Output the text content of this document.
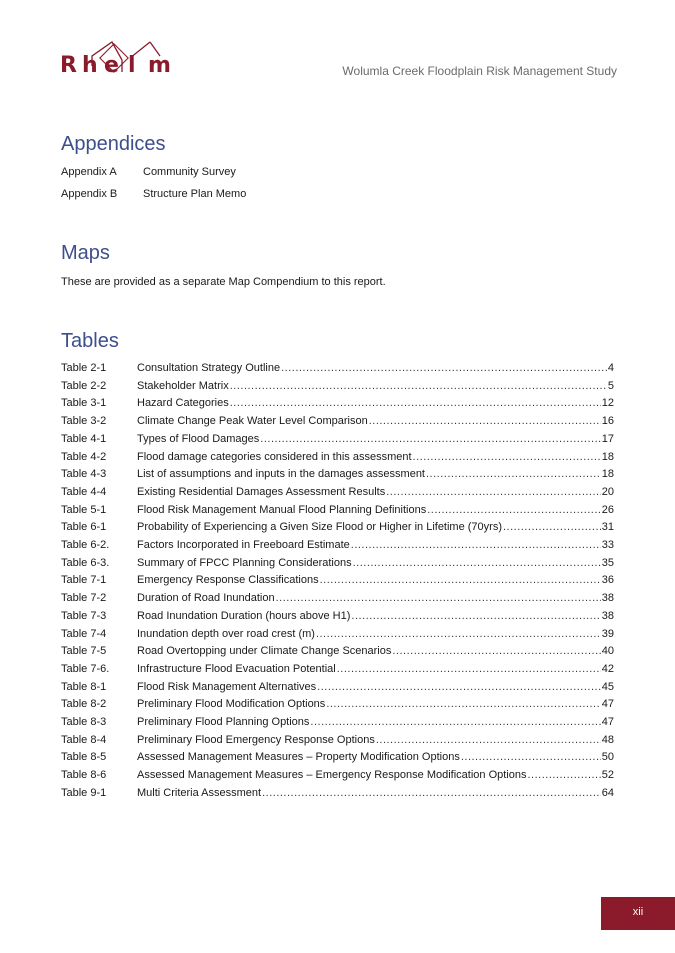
R h e l m	Wolumla Creek Floodplain Risk Management Study
Appendices
Appendix A Community Survey
Appendix B Structure Plan Memo
Maps
These are provided as a separate Map Compendium to this report.
Tables
Table 2-1	Consultation Strategy Outline .....	4
Table 2-2	Stakeholder Matrix .....	5
Table 3-1	Hazard Categories .....	12
Table 3-2	Climate Change Peak Water Level Comparison .....	16
Table 4-1	Types of Flood Damages .....	17
Table 4-2	Flood damage categories considered in this assessment .....	18
Table 4-3	List of assumptions and inputs in the damages assessment .....	18
Table 4-4	Existing Residential Damages Assessment Results .....	20
Table 5-1	Flood Risk Management Manual Flood Planning Definitions .....	26
Table 6-1	Probability of Experiencing a Given Size Flood or Higher in Lifetime (70yrs) .....	31
Table 6-2.	Factors Incorporated in Freeboard Estimate .....	33
Table 6-3.	Summary of FPCC Planning Considerations .....	35
Table 7-1	Emergency Response Classifications .....	36
Table 7-2	Duration of Road Inundation .....	38
Table 7-3	Road Inundation Duration (hours above H1) .....	38
Table 7-4	Inundation depth over road crest (m) .....	39
Table 7-5	Road Overtopping under Climate Change Scenarios .....	40
Table 7-6.	Infrastructure Flood Evacuation Potential .....	42
Table 8-1	Flood Risk Management Alternatives .....	45
Table 8-2	Preliminary Flood Modification Options .....	47
Table 8-3	Preliminary Flood Planning Options .....	47
Table 8-4	Preliminary Flood Emergency Response Options .....	48
Table 8-5	Assessed Management Measures – Property Modification Options .....	50
Table 8-6	Assessed Management Measures – Emergency Response Modification Options .....	52
Table 9-1	Multi Criteria Assessment .....	64
xii
